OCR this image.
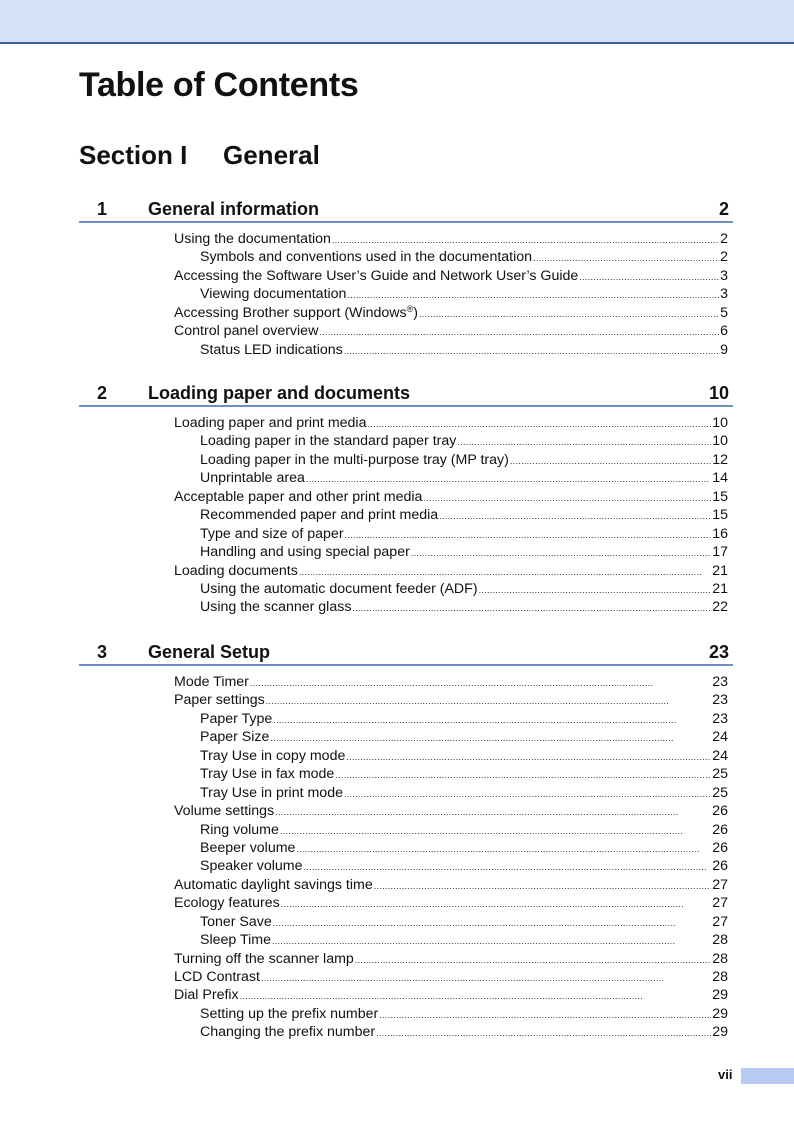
Table of Contents
Section I General
1 General information	2
Using the documentation . . .	2
Symbols and conventions used in the documentation . . .	2
Accessing the Software User’s Guide and Network User’s Guide . . .	3
Viewing documentation . . .	3
Accessing Brother support (Windows®) . . .	5
Control panel overview . . .	6
Status LED indications . . .	9
2 Loading paper and documents	10
Loading paper and print media . . .	10
Loading paper in the standard paper tray . . .	10
Loading paper in the multi-purpose tray (MP tray) . . .	12
Unprintable area . . .	14
Acceptable paper and other print media . . .	15
Recommended paper and print media . . .	15
Type and size of paper . . .	16
Handling and using special paper . . .	17
Loading documents . . .	21
Using the automatic document feeder (ADF) . . .	21
Using the scanner glass . . .	22
3 General Setup	23
Mode Timer . . .	23
Paper settings . . .	23
Paper Type . . .	23
Paper Size . . .	24
Tray Use in copy mode . . .	24
Tray Use in fax mode . . .	25
Tray Use in print mode . . .	25
Volume settings . . .	26
Ring volume . . .	26
Beeper volume . . .	26
Speaker volume . . .	26
Automatic daylight savings time . . .	27
Ecology features . . .	27
Toner Save . . .	27
Sleep Time . . .	28
Turning off the scanner lamp . . .	28
LCD Contrast . . .	28
Dial Prefix . . .	29
Setting up the prefix number . . .	29
Changing the prefix number . . .	29
vii
